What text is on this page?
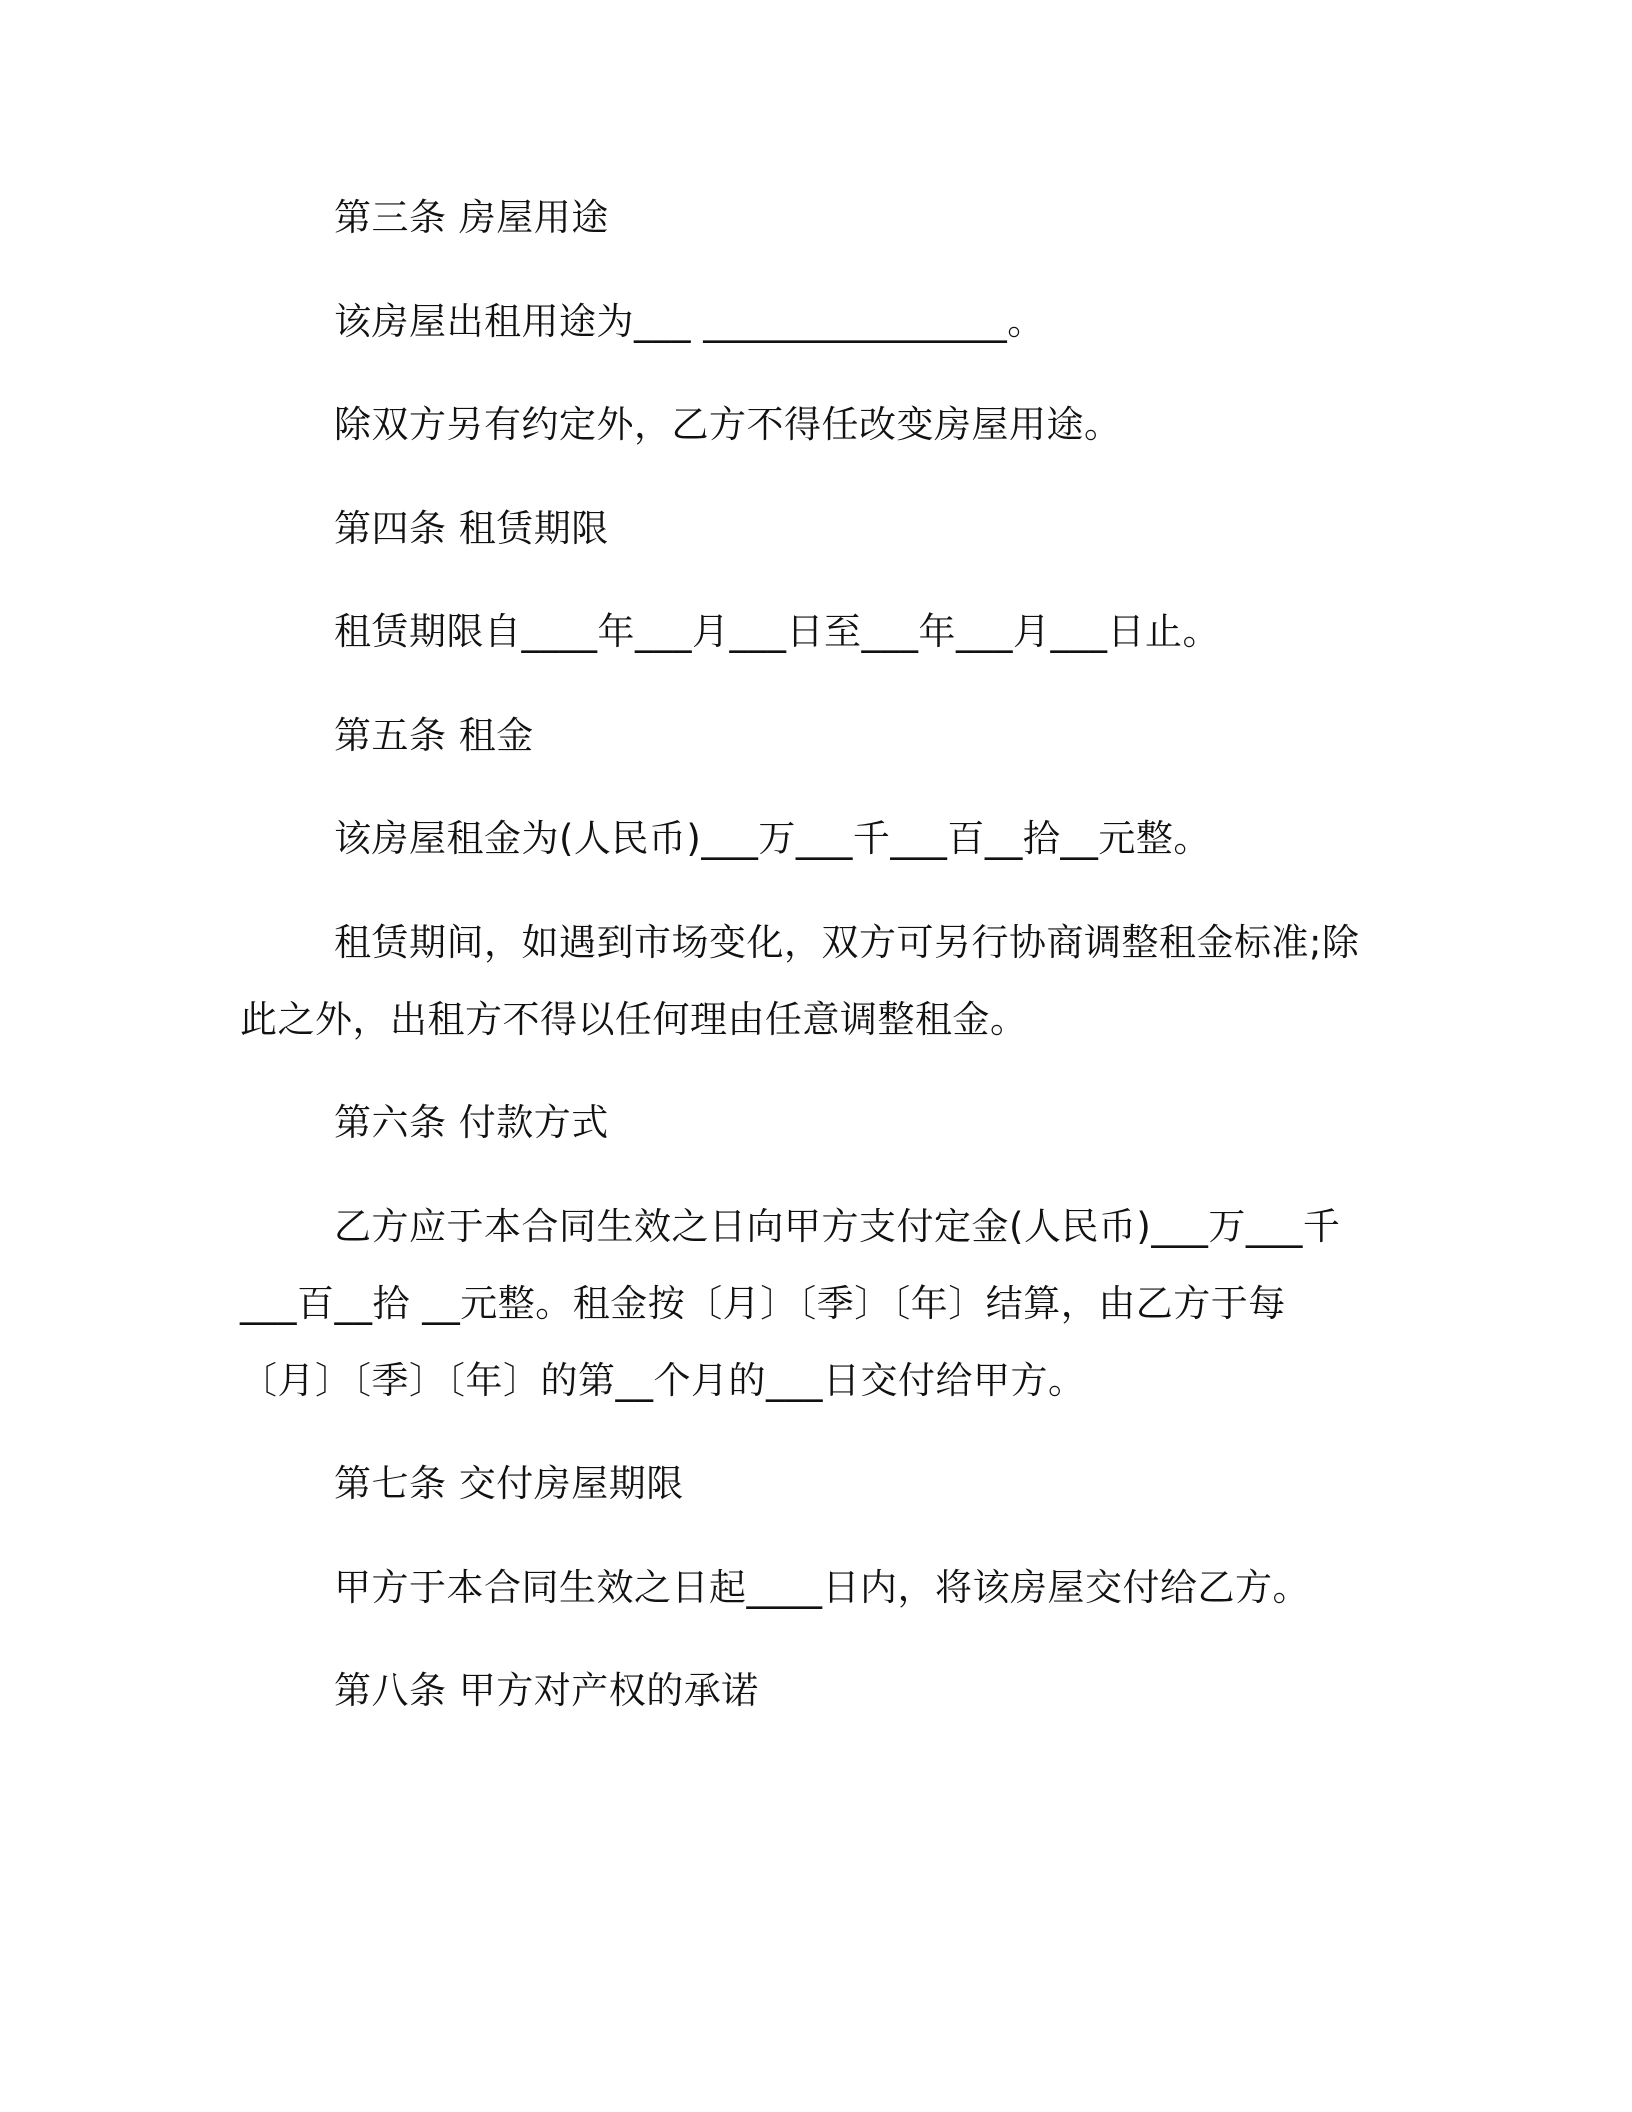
第三条 房屋用途
该房屋出租用途为___ ________________。
除双方另有约定外，乙方不得任改变房屋用途。
第四条 租赁期限
租赁期限自____年___月___日至___年___月___日止。
第五条 租金
该房屋租金为(人民币)___万___千___百__拾__元整。
租赁期间，如遇到市场变化，双方可另行协商调整租金标准;除
此之外，出租方不得以任何理由任意调整租金。
第六条 付款方式
乙方应于本合同生效之日向甲方支付定金(人民币)___万___千
___百__拾 __元整。租金按〔月〕〔季〕〔年〕结算，由乙方于每
〔月〕〔季〕〔年〕的第__个月的___日交付给甲方。
第七条 交付房屋期限
甲方于本合同生效之日起____日内，将该房屋交付给乙方。
第八条 甲方对产权的承诺
